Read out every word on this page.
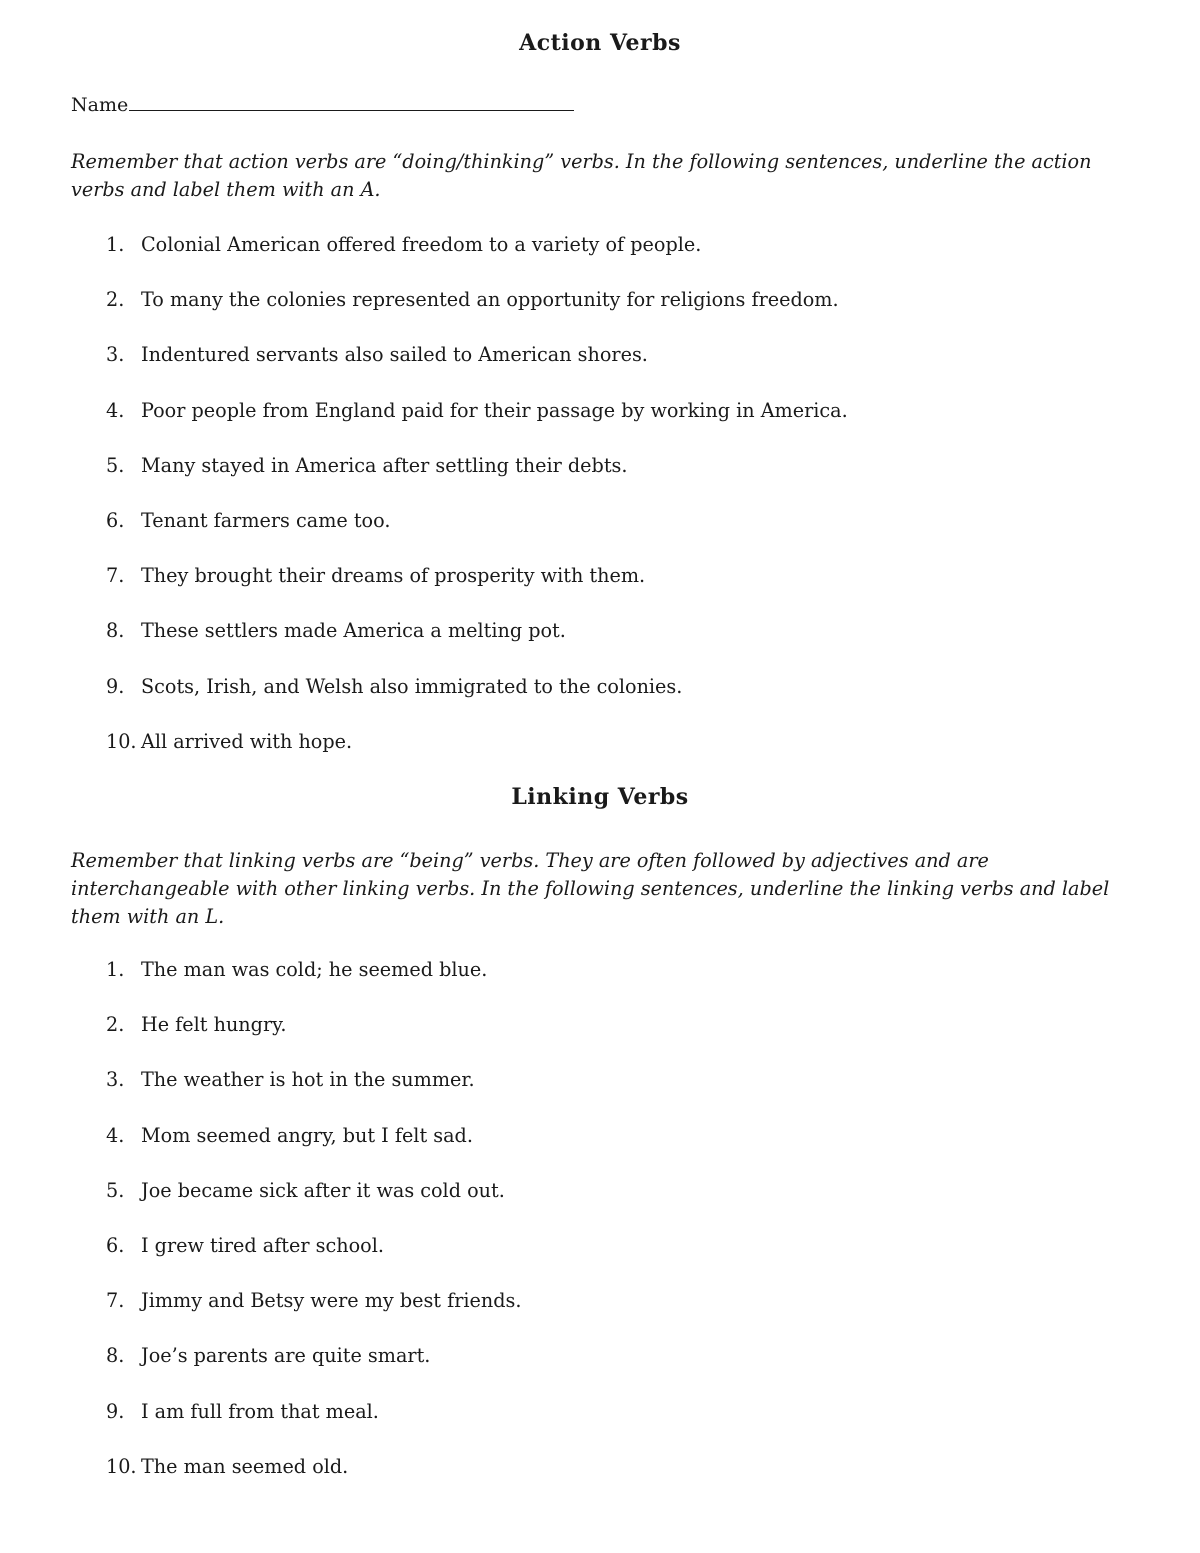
Action Verbs
Name

Remember that action verbs are “doing/thinking” verbs. In the following sentences, underline the action verbs and label them with an A.

1. Colonial American offered freedom to a variety of people.
2. To many the colonies represented an opportunity for religions freedom.
3. Indentured servants also sailed to American shores.
4. Poor people from England paid for their passage by working in America.
5. Many stayed in America after settling their debts.
6. Tenant farmers came too.
7. They brought their dreams of prosperity with them.
8. These settlers made America a melting pot.
9. Scots, Irish, and Welsh also immigrated to the colonies.
10. All arrived with hope.
Linking Verbs

Remember that linking verbs are “being” verbs. They are often followed by adjectives and are interchangeable with other linking verbs. In the following sentences, underline the linking verbs and label them with an L.

1. The man was cold; he seemed blue.
2. He felt hungry.
3. The weather is hot in the summer.
4. Mom seemed angry, but I felt sad.
5. Joe became sick after it was cold out.
6. I grew tired after school.
7. Jimmy and Betsy were my best friends.
8. Joe’s parents are quite smart.
9. I am full from that meal.
10. The man seemed old.
